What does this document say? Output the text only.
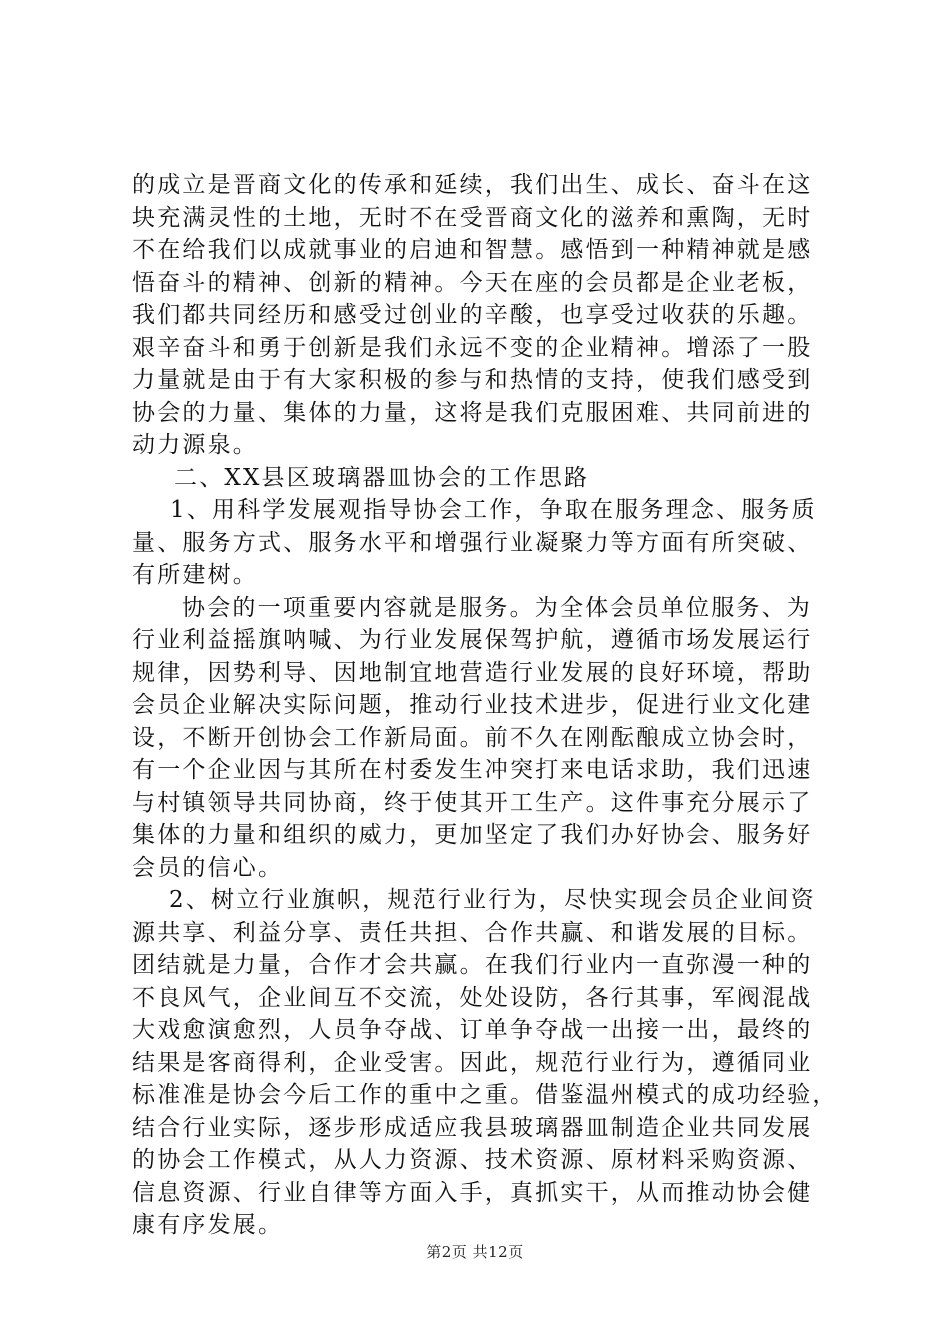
的成立是晋商文化的传承和延续，我们出生、成长、奋斗在这
块充满灵性的土地，无时不在受晋商文化的滋养和熏陶，无时
不在给我们以成就事业的启迪和智慧。感悟到一种精神就是感
悟奋斗的精神、创新的精神。今天在座的会员都是企业老板，
我们都共同经历和感受过创业的辛酸，也享受过收获的乐趣。
艰辛奋斗和勇于创新是我们永远不变的企业精神。增添了一股
力量就是由于有大家积极的参与和热情的支持，使我们感受到
协会的力量、集体的力量，这将是我们克服困难、共同前进的
动力源泉。
二、XX县区玻璃器皿协会的工作思路
1、用科学发展观指导协会工作，争取在服务理念、服务质
量、服务方式、服务水平和增强行业凝聚力等方面有所突破、
有所建树。
协会的一项重要内容就是服务。为全体会员单位服务、为
行业利益摇旗呐喊、为行业发展保驾护航，遵循市场发展运行
规律，因势利导、因地制宜地营造行业发展的良好环境，帮助
会员企业解决实际问题，推动行业技术进步，促进行业文化建
设，不断开创协会工作新局面。前不久在刚酝酿成立协会时，
有一个企业因与其所在村委发生冲突打来电话求助，我们迅速
与村镇领导共同协商，终于使其开工生产。这件事充分展示了
集体的力量和组织的威力，更加坚定了我们办好协会、服务好
会员的信心。
2、树立行业旗帜，规范行业行为，尽快实现会员企业间资
源共享、利益分享、责任共担、合作共赢、和谐发展的目标。
团结就是力量，合作才会共赢。在我们行业内一直弥漫一种的
不良风气，企业间互不交流，处处设防，各行其事，军阀混战
大戏愈演愈烈，人员争夺战、订单争夺战一出接一出，最终的
结果是客商得利，企业受害。因此，规范行业行为，遵循同业
标准准是协会今后工作的重中之重。借鉴温州模式的成功经验，
结合行业实际，逐步形成适应我县玻璃器皿制造企业共同发展
的协会工作模式，从人力资源、技术资源、原材料采购资源、
信息资源、行业自律等方面入手，真抓实干，从而推动协会健
康有序发展。
第2页 共12页
